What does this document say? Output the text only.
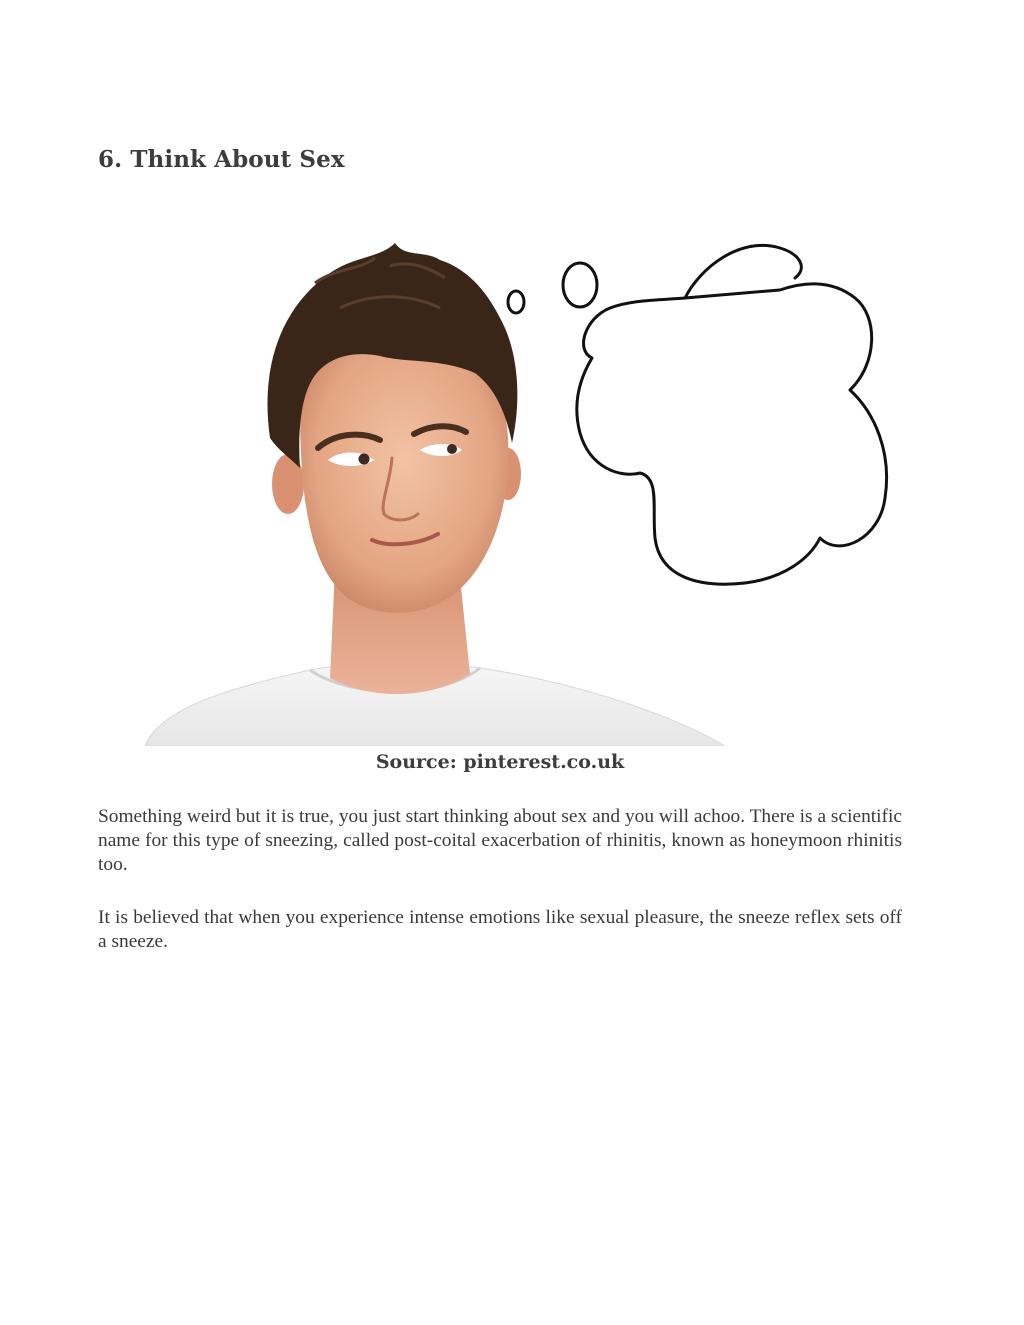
6. Think About Sex

Source: pinterest.co.uk

Something weird but it is true, you just start thinking about sex and you will achoo. There is a scientific name for this type of sneezing, called post-coital exacerbation of rhinitis, known as honeymoon rhinitis too.

It is believed that when you experience intense emotions like sexual pleasure, the sneeze reflex sets off a sneeze.
